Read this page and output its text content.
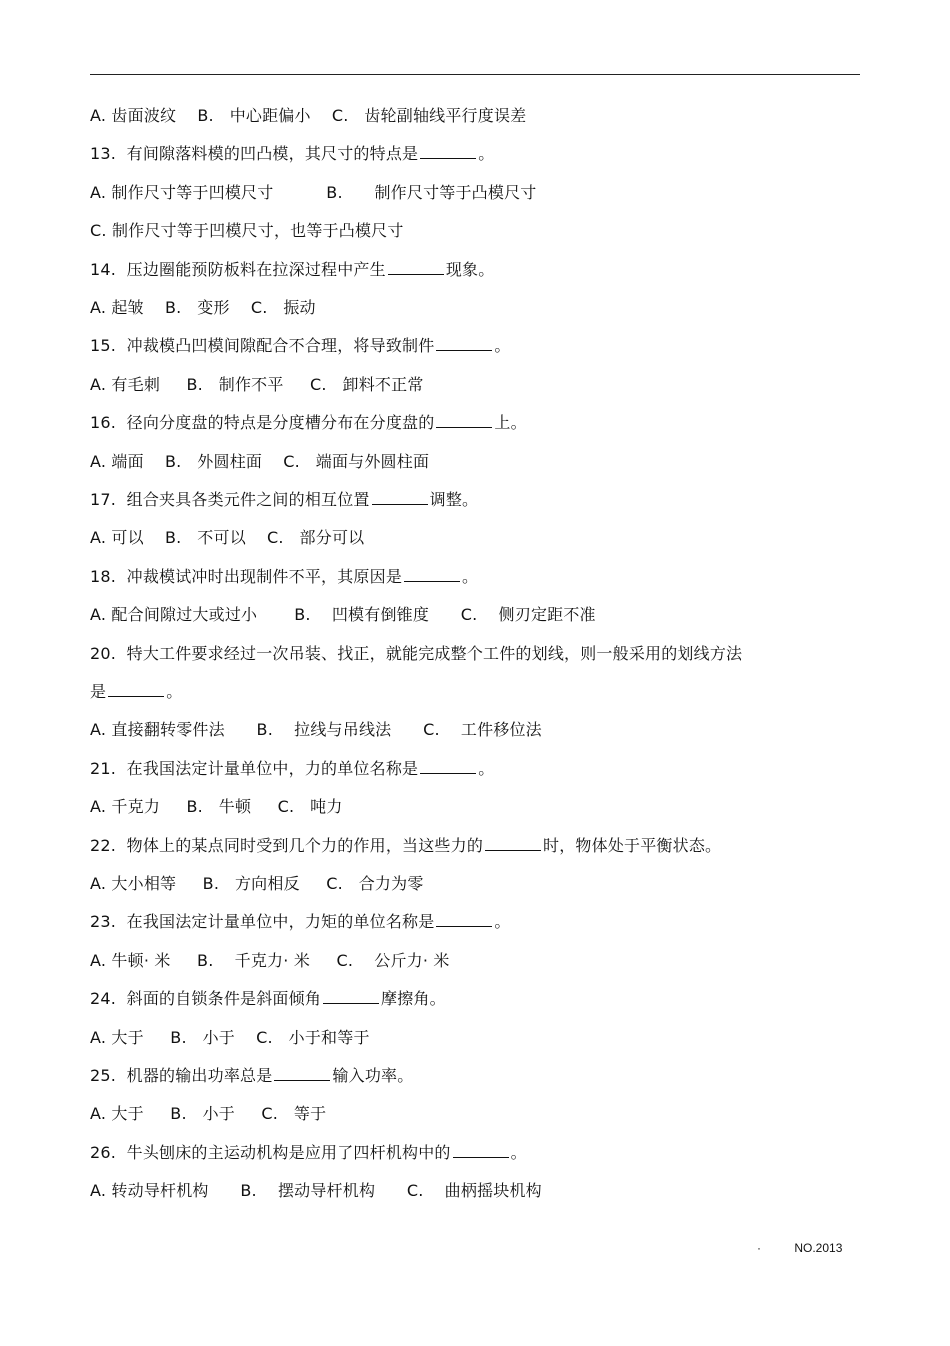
A. 齿面波纹    B.   中心距偏小    C.   齿轮副轴线平行度误差
13.  有间隙落料模的凹凸模，其尺寸的特点是	。
A. 制作尺寸等于凹模尺寸          B.      制作尺寸等于凸模尺寸
C. 制作尺寸等于凹模尺寸，也等于凸模尺寸
14.  压边圈能预防板料在拉深过程中产生	现象。
A. 起皱    B.   变形    C.   振动
15.  冲裁模凸凹模间隙配合不合理，将导致制件	。
A. 有毛刺     B.   制作不平     C.   卸料不正常
16.  径向分度盘的特点是分度槽分布在分度盘的	上。
A. 端面    B.   外圆柱面    C.   端面与外圆柱面
17.  组合夹具各类元件之间的相互位置	调整。
A. 可以    B.   不可以    C.   部分可以
18.  冲裁模试冲时出现制件不平，其原因是	。
A. 配合间隙过大或过小       B.    凹模有倒锥度      C.    侧刃定距不准
20.  特大工件要求经过一次吊装、找正，就能完成整个工件的划线，则一般采用的划线方法
是	。
A. 直接翻转零件法      B.    拉线与吊线法      C.    工件移位法
21.  在我国法定计量单位中，力的单位名称是	。
A. 千克力     B.   牛顿     C.   吨力
22.  物体上的某点同时受到几个力的作用，当这些力的	时，物体处于平衡状态。
A. 大小相等     B.   方向相反     C.   合力为零
23.  在我国法定计量单位中，力矩的单位名称是	。
A. 牛顿· 米     B.    千克力· 米     C.    公斤力· 米
24.  斜面的自锁条件是斜面倾角	摩擦角。
A. 大于     B.   小于    C.   小于和等于
25.  机器的输出功率总是	输入功率。
A. 大于     B.   小于     C.   等于
26.  牛头刨床的主运动机构是应用了四杆机构中的	。
A. 转动导杆机构      B.    摆动导杆机构      C.    曲柄摇块机构
·          NO.2013
